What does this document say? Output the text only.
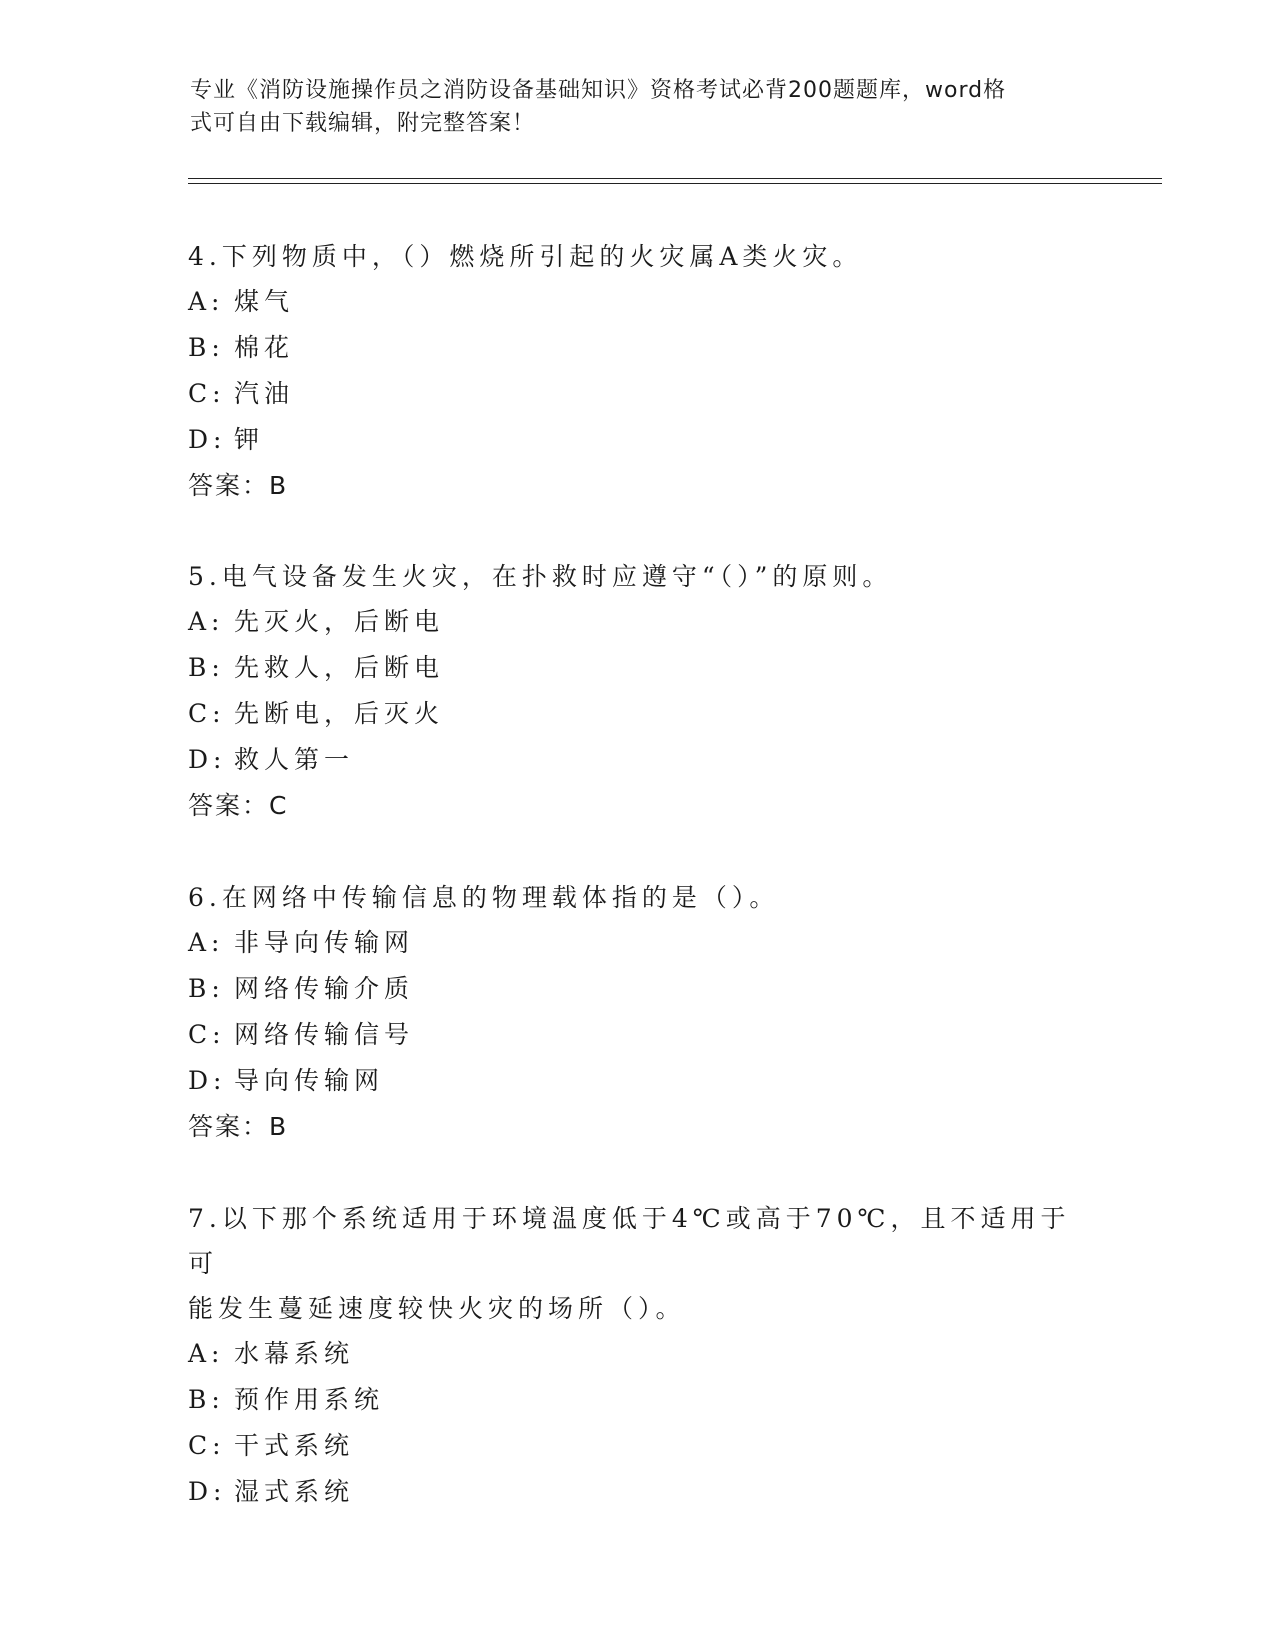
专业《消防设施操作员之消防设备基础知识》资格考试必背200题题库，word格
式可自由下载编辑，附完整答案！

4.下列物质中，（）燃烧所引起的火灾属A类火灾。

A: 煤气

B: 棉花

C: 汽油

D: 钾

答案：B

5.电气设备发生火灾，在扑救时应遵守“（）”的原则。

A: 先灭火，后断电

B: 先救人，后断电

C: 先断电，后灭火

D: 救人第一

答案：C

6.在网络中传输信息的物理载体指的是（）。

A: 非导向传输网

B: 网络传输介质

C: 网络传输信号

D: 导向传输网

答案：B

7.以下那个系统适用于环境温度低于4℃或高于70℃，且不适用于可

能发生蔓延速度较快火灾的场所（）。

A: 水幕系统

B: 预作用系统

C: 干式系统

D: 湿式系统
